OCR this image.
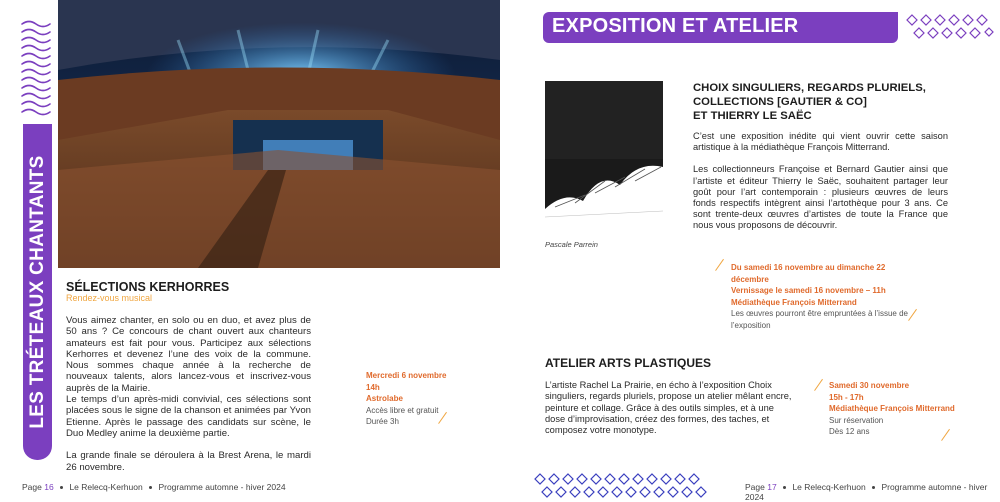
LES TRÉTEAUX CHANTANTS SÉLECTIONS KERHORRES
Rendez-vous musical

Vous aimez chanter, en solo ou en duo, et avez plus de 50 ans ? Ce concours de chant ouvert aux chanteurs amateurs est fait pour vous. Participez aux sélections Kerhorres et devenez l’une des voix de la commune. Nous sommes chaque année à la recherche de nouveaux talents, alors lancez-vous et inscrivez-vous auprès de la Mairie.

Le temps d’un après-midi convivial, ces sélections sont placées sous le signe de la chanson et animées par Yvon Etienne. Après le passage des candidats sur scène, le Duo Medley anime la deuxième partie.

La grande finale se déroulera à la Brest Arena, le mardi 26 novembre.

Mercredi 6 novembre
14h
Astrolabe
Accès libre et gratuit
Durée 3h
Page 16 Le Relecq-Kerhuon Programme automne - hiver 2024
EXPOSITION ET ATELIER
Pascale Parrein
CHOIX SINGULIERS, REGARDS PLURIELS,
COLLECTIONS [GAUTIER & CO]
ET THIERRY LE SAËC

C’est une exposition inédite qui vient ouvrir cette saison artistique à la médiathèque François Mitterrand.

Les collectionneurs Françoise et Bernard Gautier ainsi que l’artiste et éditeur Thierry le Saëc, souhaitent partager leur goût pour l’art contemporain : plusieurs œuvres de leurs fonds respectifs intègrent ainsi l’artothèque pour 3 ans. Ce sont trente-deux œuvres d’artistes de toute la France que nous vous proposons de découvrir.

Du samedi 16 novembre au dimanche 22 décembre
Vernissage le samedi 16 novembre – 11h
Médiathèque François Mitterrand
Les œuvres pourront être empruntées à l’issue de l’exposition
ATELIER ARTS PLASTIQUES

L’artiste Rachel La Prairie, en écho à l’exposition Choix singuliers, regards pluriels, propose un atelier mêlant encre, peinture et collage. Grâce à des outils simples, et à une dose d’improvisation, créez des formes, des taches, et composez votre monotype.

Samedi 30 novembre
15h - 17h
Médiathèque François Mitterrand
Sur réservation
Dès 12 ans
Page 17 Le Relecq-Kerhuon Programme automne - hiver 2024
